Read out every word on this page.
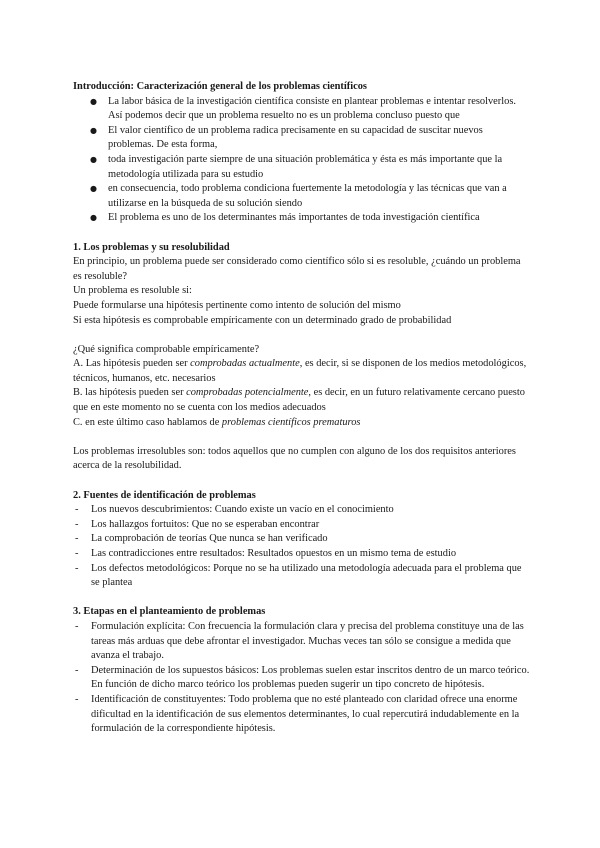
Introducción: Caracterización general de los problemas científicos

● La labor básica de la investigación científica consiste en plantear problemas e intentar resolverlos. Así podemos decir que un problema resuelto no es un problema concluso puesto que
● El valor científico de un problema radica precisamente en su capacidad de suscitar nuevos problemas. De esta forma,
● toda investigación parte siempre de una situación problemática y ésta es más importante que la metodología utilizada para su estudio
● en consecuencia, todo problema condiciona fuertemente la metodología y las técnicas que van a utilizarse en la búsqueda de su solución siendo
● El problema es uno de los determinantes más importantes de toda investigación científica

1. Los problemas y su resolubilidad

En principio, un problema puede ser considerado como científico sólo si es resoluble, ¿cuándo un problema es resoluble?

Un problema es resoluble si:

Puede formularse una hipótesis pertinente como intento de solución del mismo

Si esta hipótesis es comprobable empíricamente con un determinado grado de probabilidad

¿Qué significa comprobable empíricamente?

A. Las hipótesis pueden ser comprobadas actualmente, es decir, si se disponen de los medios metodológicos, técnicos, humanos, etc. necesarios

B. las hipótesis pueden ser comprobadas potencialmente, es decir, en un futuro relativamente cercano puesto que en este momento no se cuenta con los medios adecuados

C. en este último caso hablamos de problemas científicos prematuros

Los problemas irresolubles son: todos aquellos que no cumplen con alguno de los dos requisitos anteriores acerca de la resolubilidad.

2. Fuentes de identificación de problemas

- Los nuevos descubrimientos: Cuando existe un vacío en el conocimiento
- Los hallazgos fortuitos: Que no se esperaban encontrar
- La comprobación de teorías Que nunca se han verificado
- Las contradicciones entre resultados: Resultados opuestos en un mismo tema de estudio
- Los defectos metodológicos: Porque no se ha utilizado una metodología adecuada para el problema que se plantea

3. Etapas en el planteamiento de problemas

- Formulación explícita: Con frecuencia la formulación clara y precisa del problema constituye una de las tareas más arduas que debe afrontar el investigador. Muchas veces tan sólo se consigue a medida que avanza el trabajo.
- Determinación de los supuestos básicos: Los problemas suelen estar inscritos dentro de un marco teórico. En función de dicho marco teórico los problemas pueden sugerir un tipo concreto de hipótesis.
- Identificación de constituyentes: Todo problema que no esté planteado con claridad ofrece una enorme dificultad en la identificación de sus elementos determinantes, lo cual repercutirá indudablemente en la formulación de la correspondiente hipótesis.
